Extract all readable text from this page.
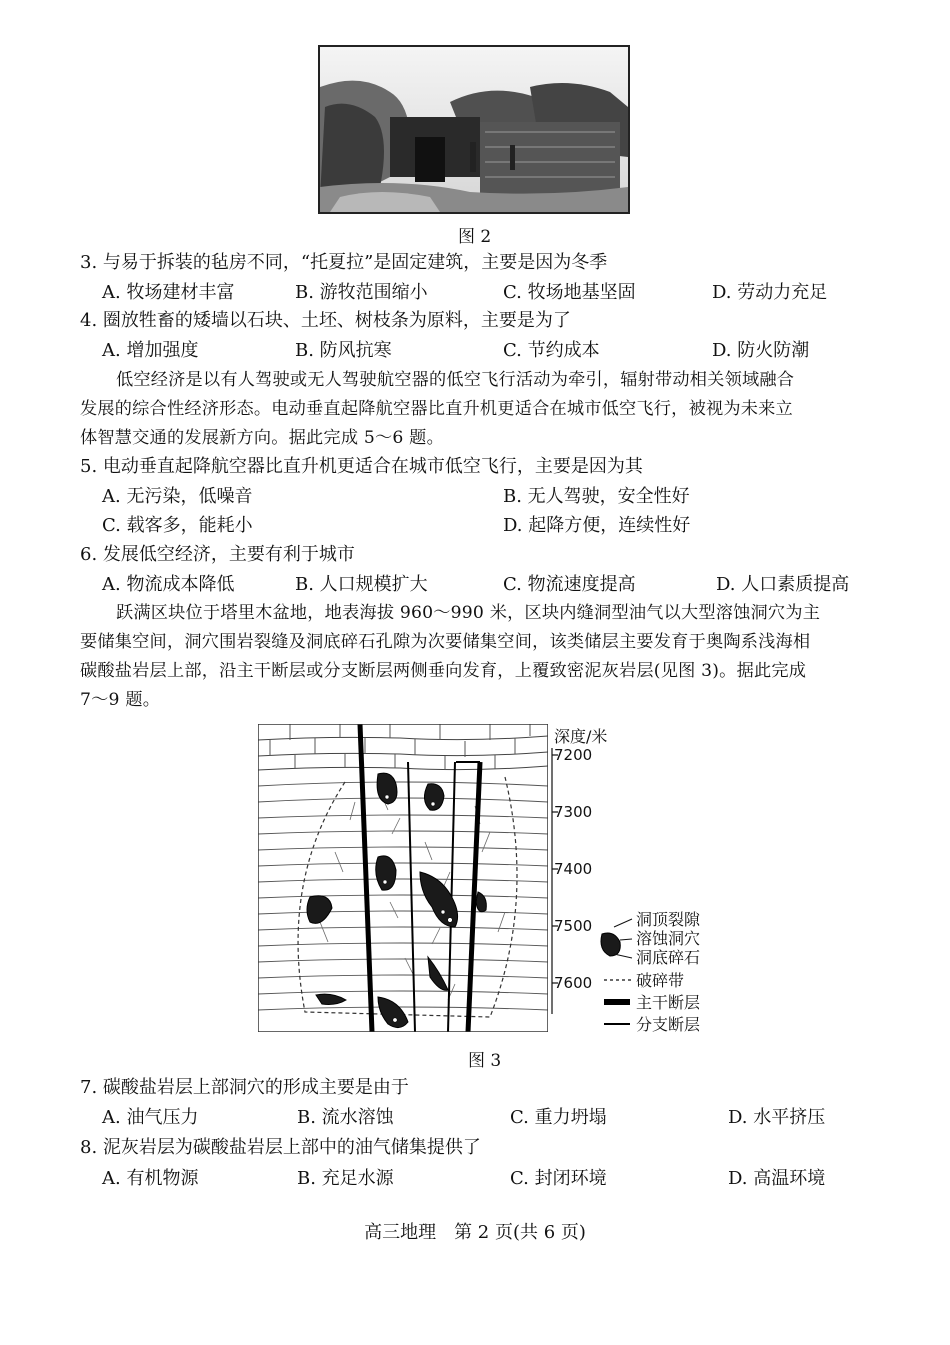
图 2
3. 与易于拆装的毡房不同，“托夏拉”是固定建筑，主要是因为冬季
A. 牧场建材丰富	B. 游牧范围缩小	C. 牧场地基坚固	D. 劳动力充足
4. 圈放牲畜的矮墙以石块、土坯、树枝条为原料，主要是为了
A. 增加强度	B. 防风抗寒	C. 节约成本	D. 防火防潮
低空经济是以有人驾驶或无人驾驶航空器的低空飞行活动为牵引，辐射带动相关领域融合
发展的综合性经济形态。电动垂直起降航空器比直升机更适合在城市低空飞行，被视为未来立
体智慧交通的发展新方向。据此完成 5～6 题。
5. 电动垂直起降航空器比直升机更适合在城市低空飞行，主要是因为其
A. 无污染，低噪音	B. 无人驾驶，安全性好
C. 载客多，能耗小	D. 起降方便，连续性好
6. 发展低空经济，主要有利于城市
A. 物流成本降低	B. 人口规模扩大	C. 物流速度提高	D. 人口素质提高
跃满区块位于塔里木盆地，地表海拔 960～990 米，区块内缝洞型油气以大型溶蚀洞穴为主
要储集空间，洞穴围岩裂缝及洞底碎石孔隙为次要储集空间，该类储层主要发育于奥陶系浅海相
碳酸盐岩层上部，沿主干断层或分支断层两侧垂向发育，上覆致密泥灰岩层(见图 3)。据此完成
7～9 题。
深度/米
7200
7300
7400
7500
7600
洞顶裂隙
溶蚀洞穴
洞底碎石
破碎带
主干断层
分支断层
图 3
7. 碳酸盐岩层上部洞穴的形成主要是由于
A. 油气压力	B. 流水溶蚀	C. 重力坍塌	D. 水平挤压
8. 泥灰岩层为碳酸盐岩层上部中的油气储集提供了
A. 有机物源	B. 充足水源	C. 封闭环境	D. 高温环境
高三地理　第 2 页(共 6 页)
